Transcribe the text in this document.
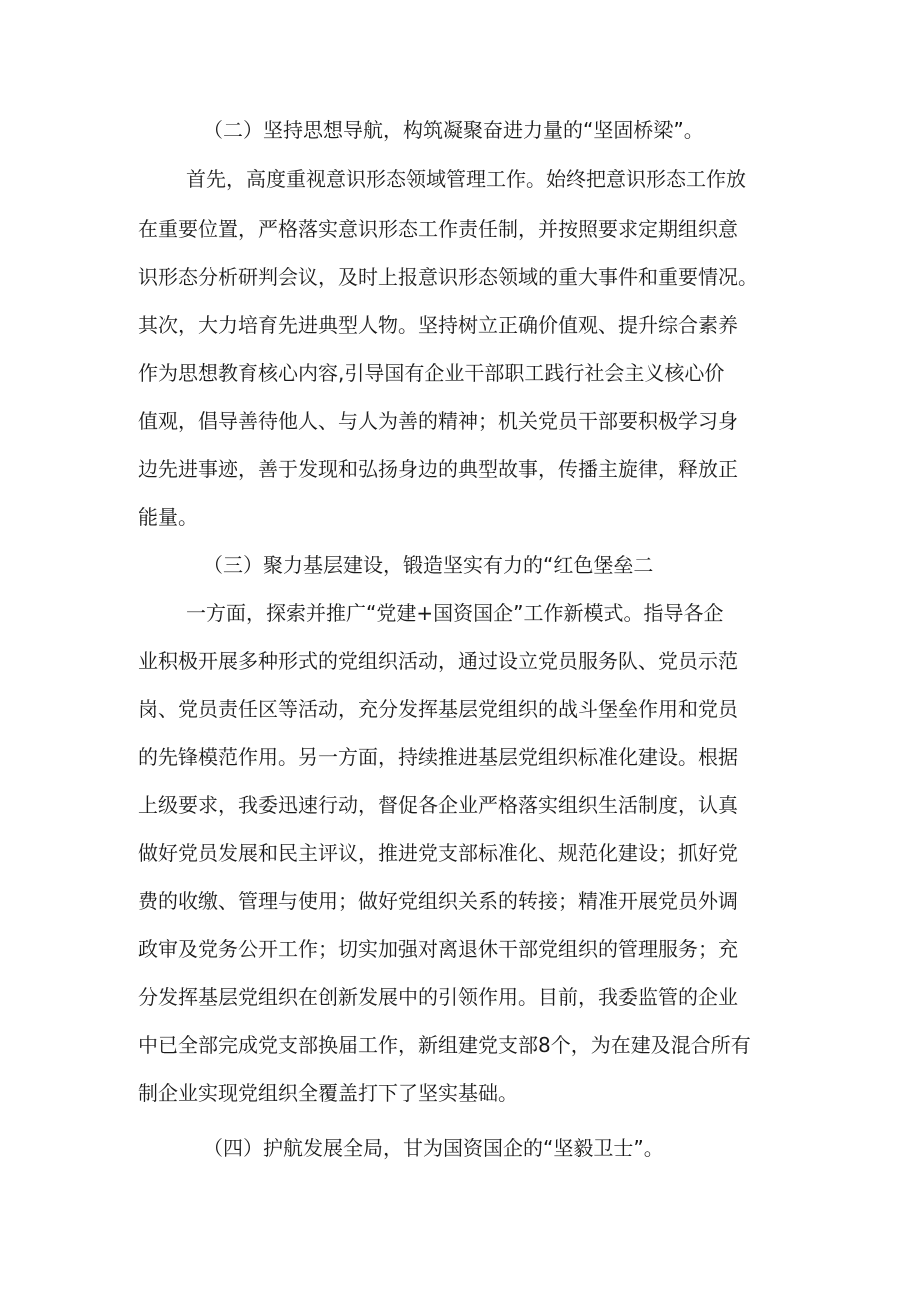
（二）坚持思想导航，构筑凝聚奋进力量的“坚固桥梁”。
首先，高度重视意识形态领域管理工作。始终把意识形态工作放
在重要位置，严格落实意识形态工作责任制，并按照要求定期组织意
识形态分析研判会议，及时上报意识形态领域的重大事件和重要情况。
其次，大力培育先进典型人物。坚持树立正确价值观、提升综合素养
作为思想教育核心内容,引导国有企业干部职工践行社会主义核心价
值观，倡导善待他人、与人为善的精神；机关党员干部要积极学习身
边先进事迹，善于发现和弘扬身边的典型故事，传播主旋律，释放正
能量。
（三）聚力基层建设，锻造坚实有力的“红色堡垒二
一方面，探索并推广“党建+国资国企”工作新模式。指导各企
业积极开展多种形式的党组织活动，通过设立党员服务队、党员示范
岗、党员责任区等活动，充分发挥基层党组织的战斗堡垒作用和党员
的先锋模范作用。另一方面，持续推进基层党组织标准化建设。根据
上级要求，我委迅速行动，督促各企业严格落实组织生活制度，认真
做好党员发展和民主评议，推进党支部标准化、规范化建设；抓好党
费的收缴、管理与使用；做好党组织关系的转接；精准开展党员外调
政审及党务公开工作；切实加强对离退休干部党组织的管理服务；充
分发挥基层党组织在创新发展中的引领作用。目前，我委监管的企业
中已全部完成党支部换届工作，新组建党支部8个，为在建及混合所有
制企业实现党组织全覆盖打下了坚实基础。
（四）护航发展全局，甘为国资国企的“坚毅卫士”。
